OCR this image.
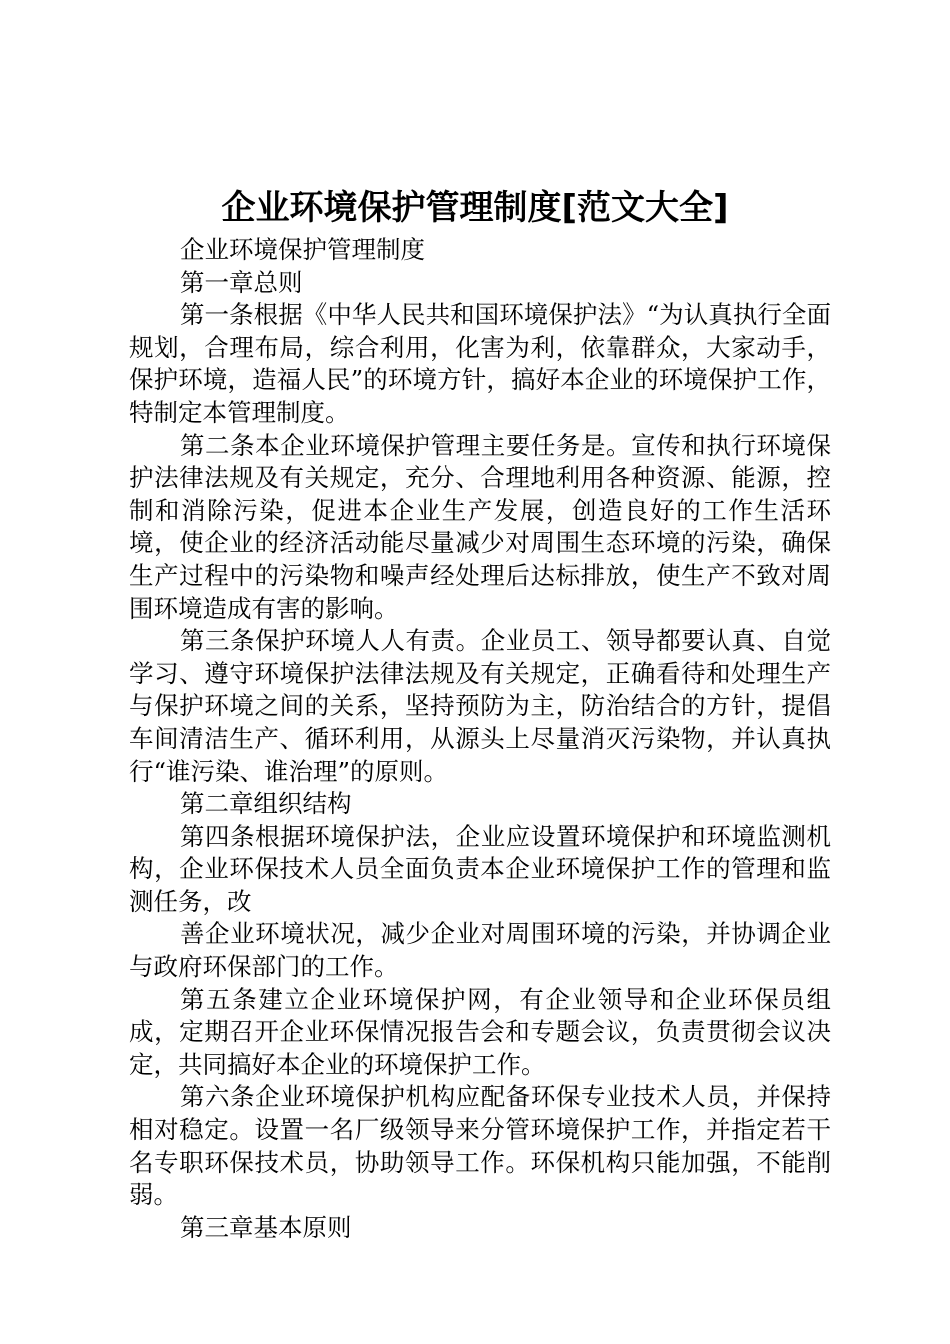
企业环境保护管理制度[范文大全]

企业环境保护管理制度

第一章总则

第一条根据《中华人民共和国环境保护法》“为认真执行全面规划，合理布局，综合利用，化害为利，依靠群众，大家动手，保护环境，造福人民”的环境方针，搞好本企业的环境保护工作，特制定本管理制度。

第二条本企业环境保护管理主要任务是。宣传和执行环境保护法律法规及有关规定，充分、合理地利用各种资源、能源，控制和消除污染，促进本企业生产发展，创造良好的工作生活环境，使企业的经济活动能尽量减少对周围生态环境的污染，确保生产过程中的污染物和噪声经处理后达标排放，使生产不致对周围环境造成有害的影响。

第三条保护环境人人有责。企业员工、领导都要认真、自觉学习、遵守环境保护法律法规及有关规定，正确看待和处理生产与保护环境之间的关系，坚持预防为主，防治结合的方针，提倡车间清洁生产、循环利用，从源头上尽量消灭污染物，并认真执行“谁污染、谁治理”的原则。

第二章组织结构

第四条根据环境保护法，企业应设置环境保护和环境监测机构，企业环保技术人员全面负责本企业环境保护工作的管理和监测任务，改

善企业环境状况，减少企业对周围环境的污染，并协调企业与政府环保部门的工作。

第五条建立企业环境保护网，有企业领导和企业环保员组成，定期召开企业环保情况报告会和专题会议，负责贯彻会议决定，共同搞好本企业的环境保护工作。

第六条企业环境保护机构应配备环保专业技术人员，并保持相对稳定。设置一名厂级领导来分管环境保护工作，并指定若干名专职环保技术员，协助领导工作。环保机构只能加强，不能削弱。

第三章基本原则
